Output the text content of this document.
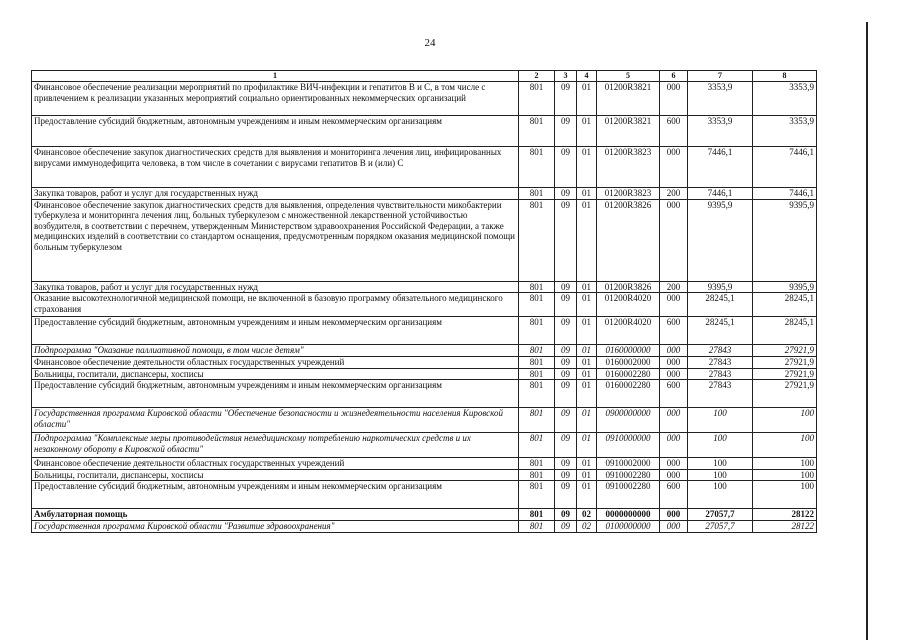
24
1	2	3	4	5	6	7	8
Финансовое обеспечение реализации мероприятий по профилактике ВИЧ-инфекции и гепатитов В и С, в том числе с привлечением к реализации указанных мероприятий социально ориентированных некоммерческих организаций	801	09	01	01200R3821	000	3353,9	3353,9
Предоставление субсидий бюджетным, автономным учреждениям и иным некоммерческим организациям	801	09	01	01200R3821	600	3353,9	3353,9
Финансовое обеспечение закупок диагностических средств для выявления и мониторинга лечения лиц, инфицированных вирусами иммунодефицита человека, в том числе в сочетании с вирусами гепатитов В и (или) С	801	09	01	01200R3823	000	7446,1	7446,1
Закупка товаров, работ и услуг для государственных нужд	801	09	01	01200R3823	200	7446,1	7446,1
Финансовое обеспечение закупок диагностических средств для выявления, определения чувствительности микобактерии туберкулеза и мониторинга лечения лиц, больных туберкулезом с множественной лекарственной устойчивостью возбудителя, в соответствии с перечнем, утвержденным Министерством здравоохранения Российской Федерации, а также медицинских изделий в соответствии со стандартом оснащения, предусмотренным порядком оказания медицинской помощи больным туберкулезом	801	09	01	01200R3826	000	9395,9	9395,9
Закупка товаров, работ и услуг для государственных нужд	801	09	01	01200R3826	200	9395,9	9395,9
Оказание высокотехнологичной медицинской помощи, не включенной в базовую программу обязательного медицинского страхования	801	09	01	01200R4020	000	28245,1	28245,1
Предоставление субсидий бюджетным, автономным учреждениям и иным некоммерческим организациям	801	09	01	01200R4020	600	28245,1	28245,1
Подпрограмма "Оказание паллиативной помощи, в том числе детям"	801	09	01	0160000000	000	27843	27921,9
Финансовое обеспечение деятельности областных государственных учреждений	801	09	01	0160002000	000	27843	27921,9
Больницы, госпитали, диспансеры, хосписы	801	09	01	0160002280	000	27843	27921,9
Предоставление субсидий бюджетным, автономным учреждениям и иным некоммерческим организациям	801	09	01	0160002280	600	27843	27921,9
Государственная программа Кировской области "Обеспечение безопасности и жизнедеятельности населения Кировской области"	801	09	01	0900000000	000	100	100
Подпрограмма "Комплексные меры противодействия немедицинскому потреблению наркотических средств и их незаконному обороту в Кировской области"	801	09	01	0910000000	000	100	100
Финансовое обеспечение деятельности областных государственных учреждений	801	09	01	0910002000	000	100	100
Больницы, госпитали, диспансеры, хосписы	801	09	01	0910002280	000	100	100
Предоставление субсидий бюджетным, автономным учреждениям и иным некоммерческим организациям	801	09	01	0910002280	600	100	100
Амбулаторная помощь	801	09	02	0000000000	000	27057,7	28122
Государственная программа Кировской области "Развитие здравоохранения"	801	09	02	0100000000	000	27057,7	28122
